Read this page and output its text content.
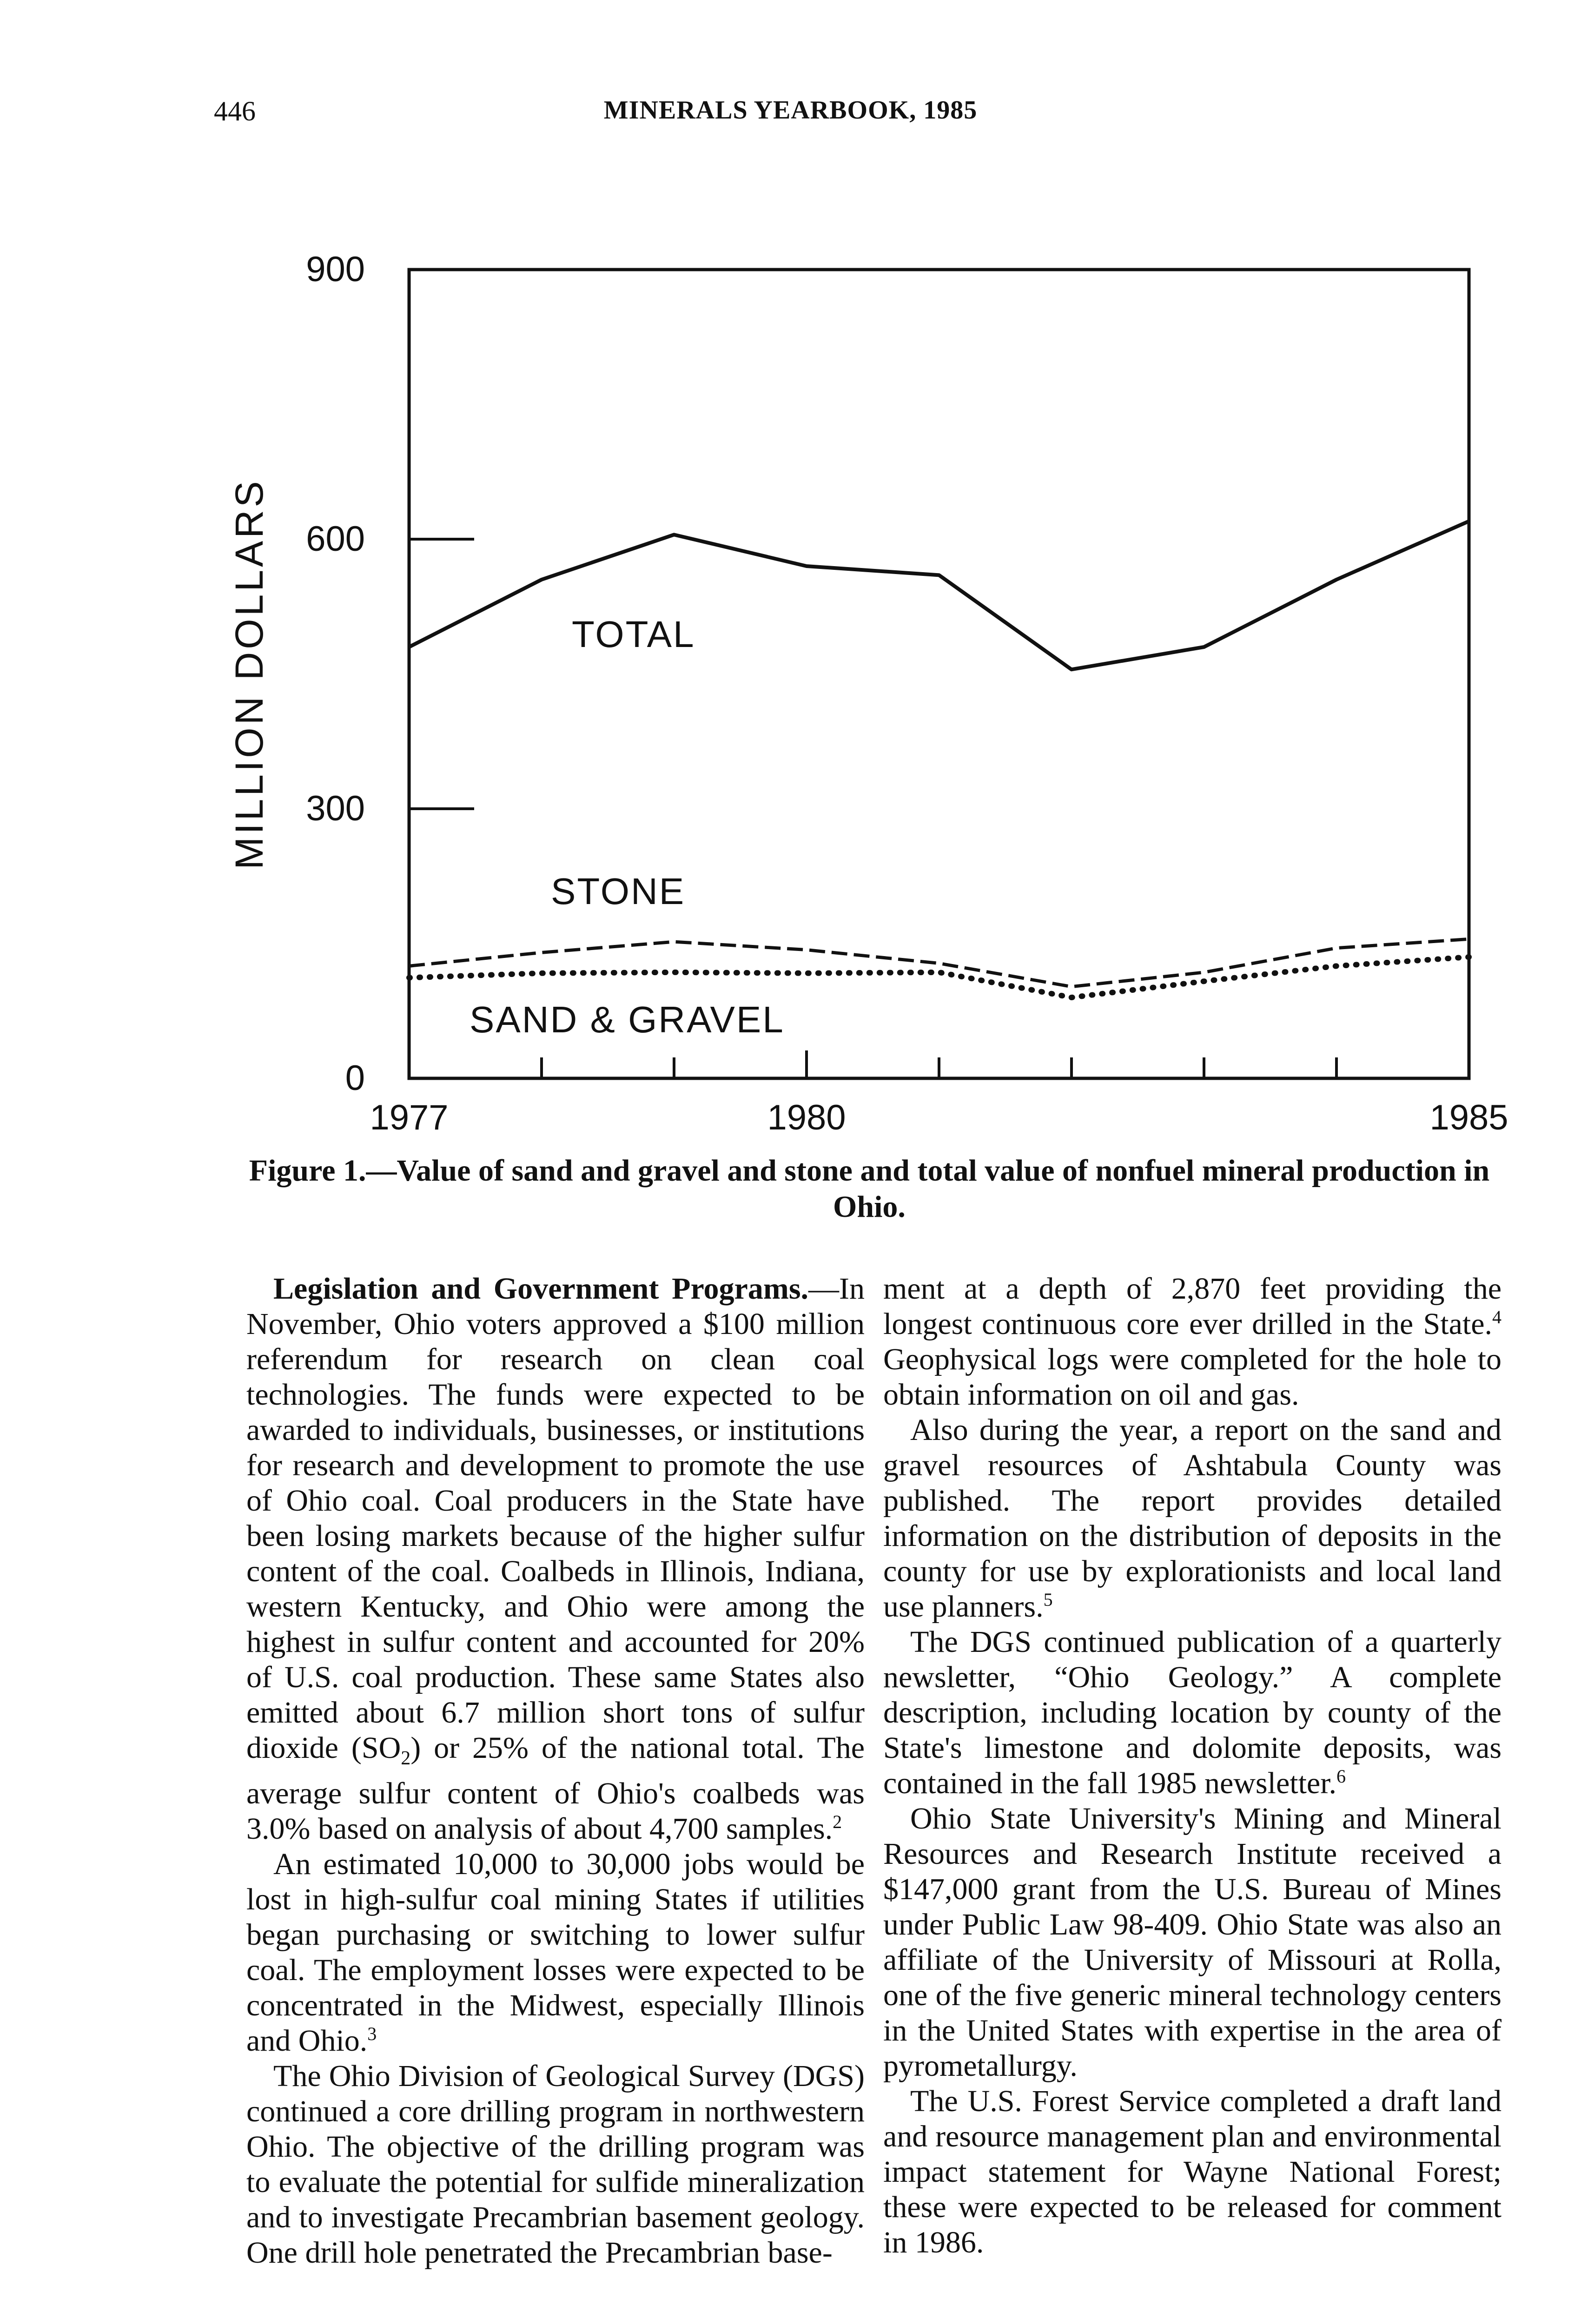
446	MINERALS YEARBOOK, 1985
0
300
600
900
MILLION DOLLARS
1977	1980	1985
TOTAL
STONE
SAND & GRAVEL
Figure 1.—Value of sand and gravel and stone and total value of nonfuel mineral production in Ohio.

Legislation and Government Programs.—In November, Ohio voters approved a $100 million referendum for research on clean coal technologies. The funds were expected to be awarded to individuals, businesses, or institutions for research and development to promote the use of Ohio coal. Coal producers in the State have been losing markets because of the higher sulfur content of the coal. Coalbeds in Illinois, Indiana, western Kentucky, and Ohio were among the highest in sulfur content and accounted for 20% of U.S. coal production. These same States also emitted about 6.7 million short tons of sulfur dioxide $(SO_2)$ or 25% of the national total. The average sulfur content of Ohio's coalbeds was 3.0% based on analysis of about 4,700 samples.$^2$

An estimated 10,000 to 30,000 jobs would be lost in high-sulfur coal mining States if utilities began purchasing or switching to lower sulfur coal. The employment losses were expected to be concentrated in the Midwest, especially Illinois and Ohio.$^3$

The Ohio Division of Geological Survey (DGS) continued a core drilling program in northwestern Ohio. The objective of the drilling program was to evaluate the potential for sulfide mineralization and to investigate Precambrian basement geology. One drill hole penetrated the Precambrian base-

ment at a depth of 2,870 feet providing the longest continuous core ever drilled in the State.$^4$ Geophysical logs were completed for the hole to obtain information on oil and gas.

Also during the year, a report on the sand and gravel resources of Ashtabula County was published. The report provides detailed information on the distribution of deposits in the county for use by explorationists and local land use planners.$^5$

The DGS continued publication of a quarterly newsletter, “Ohio Geology.” A complete description, including location by county of the State's limestone and dolomite deposits, was contained in the fall 1985 newsletter.$^6$

Ohio State University's Mining and Mineral Resources and Research Institute received a $147,000 grant from the U.S. Bureau of Mines under Public Law 98-409. Ohio State was also an affiliate of the University of Missouri at Rolla, one of the five generic mineral technology centers in the United States with expertise in the area of pyrometallurgy.

The U.S. Forest Service completed a draft land and resource management plan and environmental impact statement for Wayne National Forest; these were expected to be released for comment in 1986.
